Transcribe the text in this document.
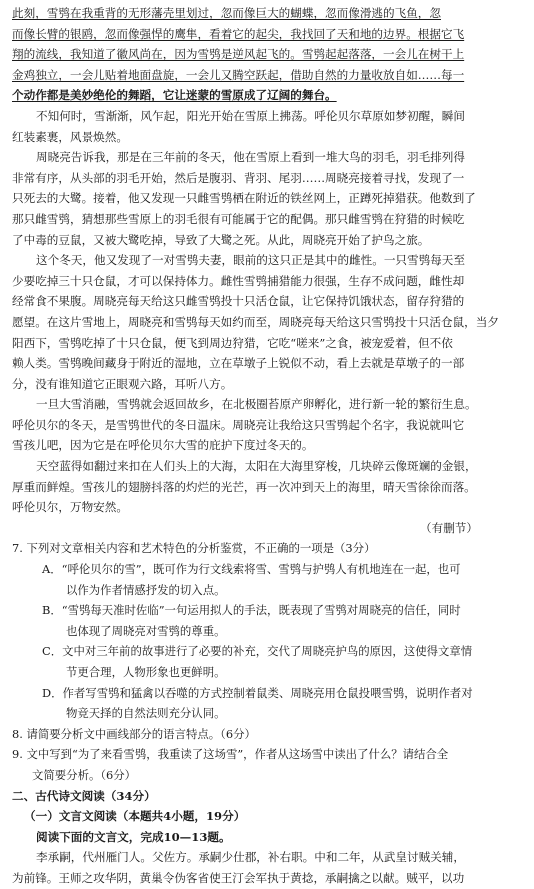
此刻，雪鸮在我重背的无形藩壳里划过，忽而像巨大的蝴蝶，忽而像滑逃的飞鱼，忽
而像长臂的银鸥，忽而像强悍的鹰隼，看着它的起尖，我找回了天和地的边界。根据它飞
翔的流线，我知道了徽风尚在，因为雪鸮是逆风起飞的。雪鸮起起落落，一会儿在树干上
金鸡独立，一会儿贴着地面盘旋，一会儿又腾空跃起，借助自然的力量收放自如……每一
个动作都是美妙绝伦的舞蹈，它让迷蒙的雪原成了辽阔的舞台。
不知何时，雪渐渐，风乍起，阳光开始在雪原上拂荡。呼伦贝尔草原如梦初醒，瞬间
红装素裹，风景焕然。
周晓亮告诉我，那是在三年前的冬天，他在雪原上看到一堆大鸟的羽毛，羽毛排列得
非常有序，从头部的羽毛开始，然后是腹羽、背羽、尾羽……周晓亮接着寻找，发现了一
只死去的大鹭。接着，他又发现一只雌雪鸮栖在附近的铁丝网上，正蹲死掉猎获。他数到了
那只雌雪鸮，猜想那些雪原上的羽毛很有可能属于它的配偶。那只雌雪鸮在狩猎的时候吃
了中毒的豆鼠，又被大鹭吃掉，导致了大鹭之死。从此，周晓亮开始了护鸟之旅。
这个冬天，他又发现了一对雪鸮夫妻，眼前的这只正是其中的雌性。一只雪鸮每天至
少要吃掉三十只仓鼠，才可以保持体力。雌性雪鸮捕猎能力很强，生存不成问题，雌性却
经常食不果腹。周晓亮每天给这只雌雪鸮投十只活仓鼠，让它保持饥饿状态，留存狩猎的
愿望。在这片雪地上，周晓亮和雪鸮每天如约而至，周晓亮每天给这只雪鸮投十只活仓鼠，当夕
阳西下，雪鸮吃掉了十只仓鼠，便飞到周边狩猎，它吃“嗟来”之食，被宠爱着，但不依
赖人类。雪鸮晚间藏身于附近的湿地，立在草墩子上锐似不动，看上去就是草墩子的一部
分，没有谁知道它正眼观六路，耳听八方。
一旦大雪消融，雪鸮就会返回故乡，在北极圈苔原产卵孵化，进行新一轮的繁衍生息。
呼伦贝尔的冬天，是雪鸮世代的冬日温床。周晓亮让我给这只雪鸮起个名字，我说就叫它
雪孩儿吧，因为它是在呼伦贝尔大雪的庇护下度过冬天的。
天空蓝得如翻过来扣在人们头上的大海，太阳在大海里穿梭，几块碎云像斑斓的金银，
厚重而鲜煌。雪孩儿的翅膀抖落的灼烂的光芒，再一次冲到天上的海里，晴天雪徐徐而落。
呼伦贝尔，万物安然。
（有删节）
7. 下列对文章相关内容和艺术特色的分析鉴赏，不正确的一项是（3分）
A．“呼伦贝尔的雪”，既可作为行文线索将雪、雪鸮与护鸮人有机地连在一起，也可
以作为作者情感抒发的切入点。
B．“雪鸮每天准时佐临”一句运用拟人的手法，既表现了雪鸮对周晓亮的信任，同时
也体现了周晓亮对雪鸮的尊重。
C．文中对三年前的故事进行了必要的补充，交代了周晓亮护鸟的原因，这使得文章情
节更合理，人物形象也更鲜明。
D．作者写雪鸮和猛禽以吞噬的方式控制着鼠类、周晓亮用仓鼠投喂雪鸮，说明作者对
物竞天择的自然法则充分认同。
8. 请简要分析文中画线部分的语言特点。（6分）
9. 文中写到“为了来看雪鸮，我重读了这场雪”，作者从这场雪中读出了什么？请结合全
文简要分析。（6分）
二、古代诗文阅读（34分）
（一）文言文阅读（本题共4小题，19分）
阅读下面的文言文，完成10—13题。
李承嗣，代州雁门人。父佐方。承嗣少仕郡，补右职。中和二年，从武皇讨贼关辅，
为前锋。王师之攻华阴，黄巢令伪客省使王汀会军执于黄捻，承嗣擒之以献。贼平，以功
